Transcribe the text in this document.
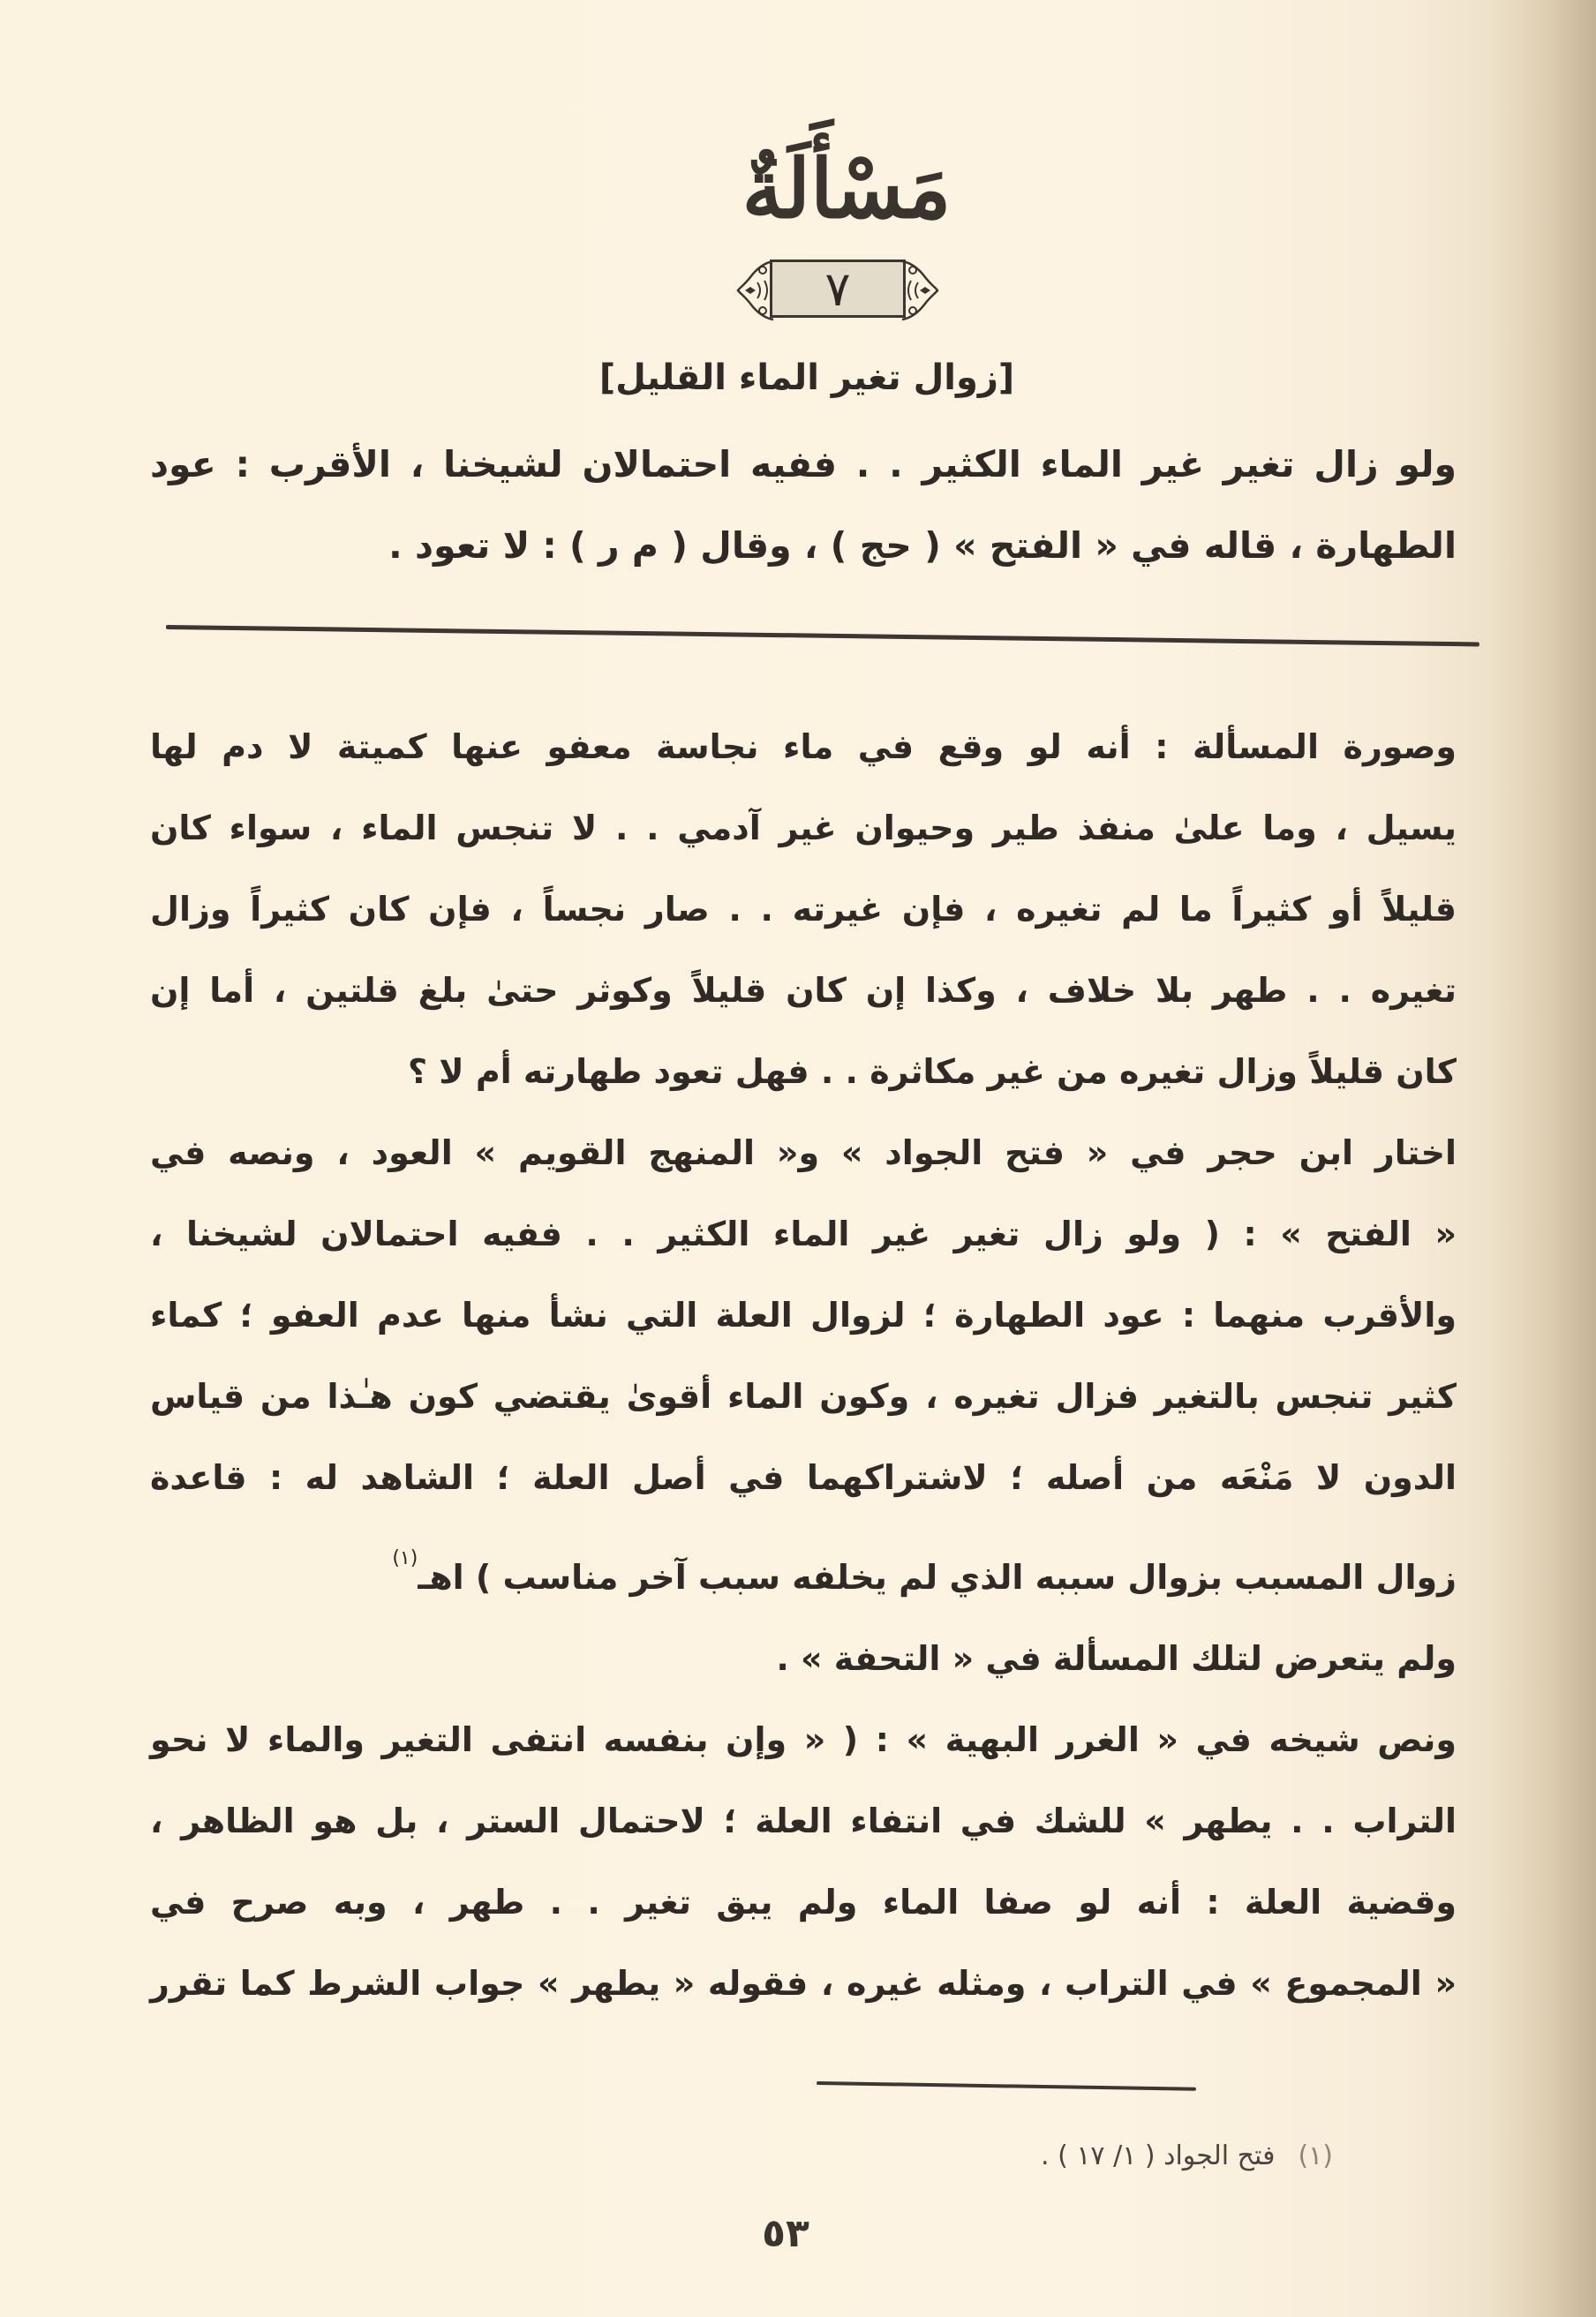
مَسْأَلَةٌ
٧
[زوال تغير الماء القليل]
ولو زال تغير غير الماء الكثير . . ففيه احتمالان لشيخنا ، الأقرب : عود
الطهارة ، قاله في « الفتح » ( حج ) ، وقال ( م ر ) : لا تعود .
وصورة المسألة : أنه لو وقع في ماء نجاسة معفو عنها كميتة لا دم لها
يسيل ، وما علىٰ منفذ طير وحيوان غير آدمي . . لا تنجس الماء ، سواء كان
قليلاً أو كثيراً ما لم تغيره ، فإن غيرته . . صار نجساً ، فإن كان كثيراً وزال
تغيره . . طهر بلا خلاف ، وكذا إن كان قليلاً وكوثر حتىٰ بلغ قلتين ، أما إن
كان قليلاً وزال تغيره من غير مكاثرة . . فهل تعود طهارته أم لا ؟
اختار ابن حجر في « فتح الجواد » و« المنهج القويم » العود ، ونصه في
« الفتح » : ( ولو زال تغير غير الماء الكثير . . ففيه احتمالان لشيخنا ،
والأقرب منهما : عود الطهارة ؛ لزوال العلة التي نشأ منها عدم العفو ؛ كماء
كثير تنجس بالتغير فزال تغيره ، وكون الماء أقوىٰ يقتضي كون هـٰذا من قياس
الدون لا مَنْعَه من أصله ؛ لاشتراكهما في أصل العلة ؛ الشاهد له : قاعدة
زوال المسبب بزوال سببه الذي لم يخلفه سبب آخر مناسب ) اهـ$^{(١)}$
ولم يتعرض لتلك المسألة في « التحفة » .
ونص شيخه في « الغرر البهية » : ( « وإن بنفسه انتفى التغير والماء لا نحو
التراب . . يطهر » للشك في انتفاء العلة ؛ لاحتمال الستر ، بل هو الظاهر ،
وقضية العلة : أنه لو صفا الماء ولم يبق تغير . . طهر ، وبه صرح في
« المجموع » في التراب ، ومثله غيره ، فقوله « يطهر » جواب الشرط كما تقرر
(١)فتح الجواد ( ١/ ١٧ ) .
٥٣
